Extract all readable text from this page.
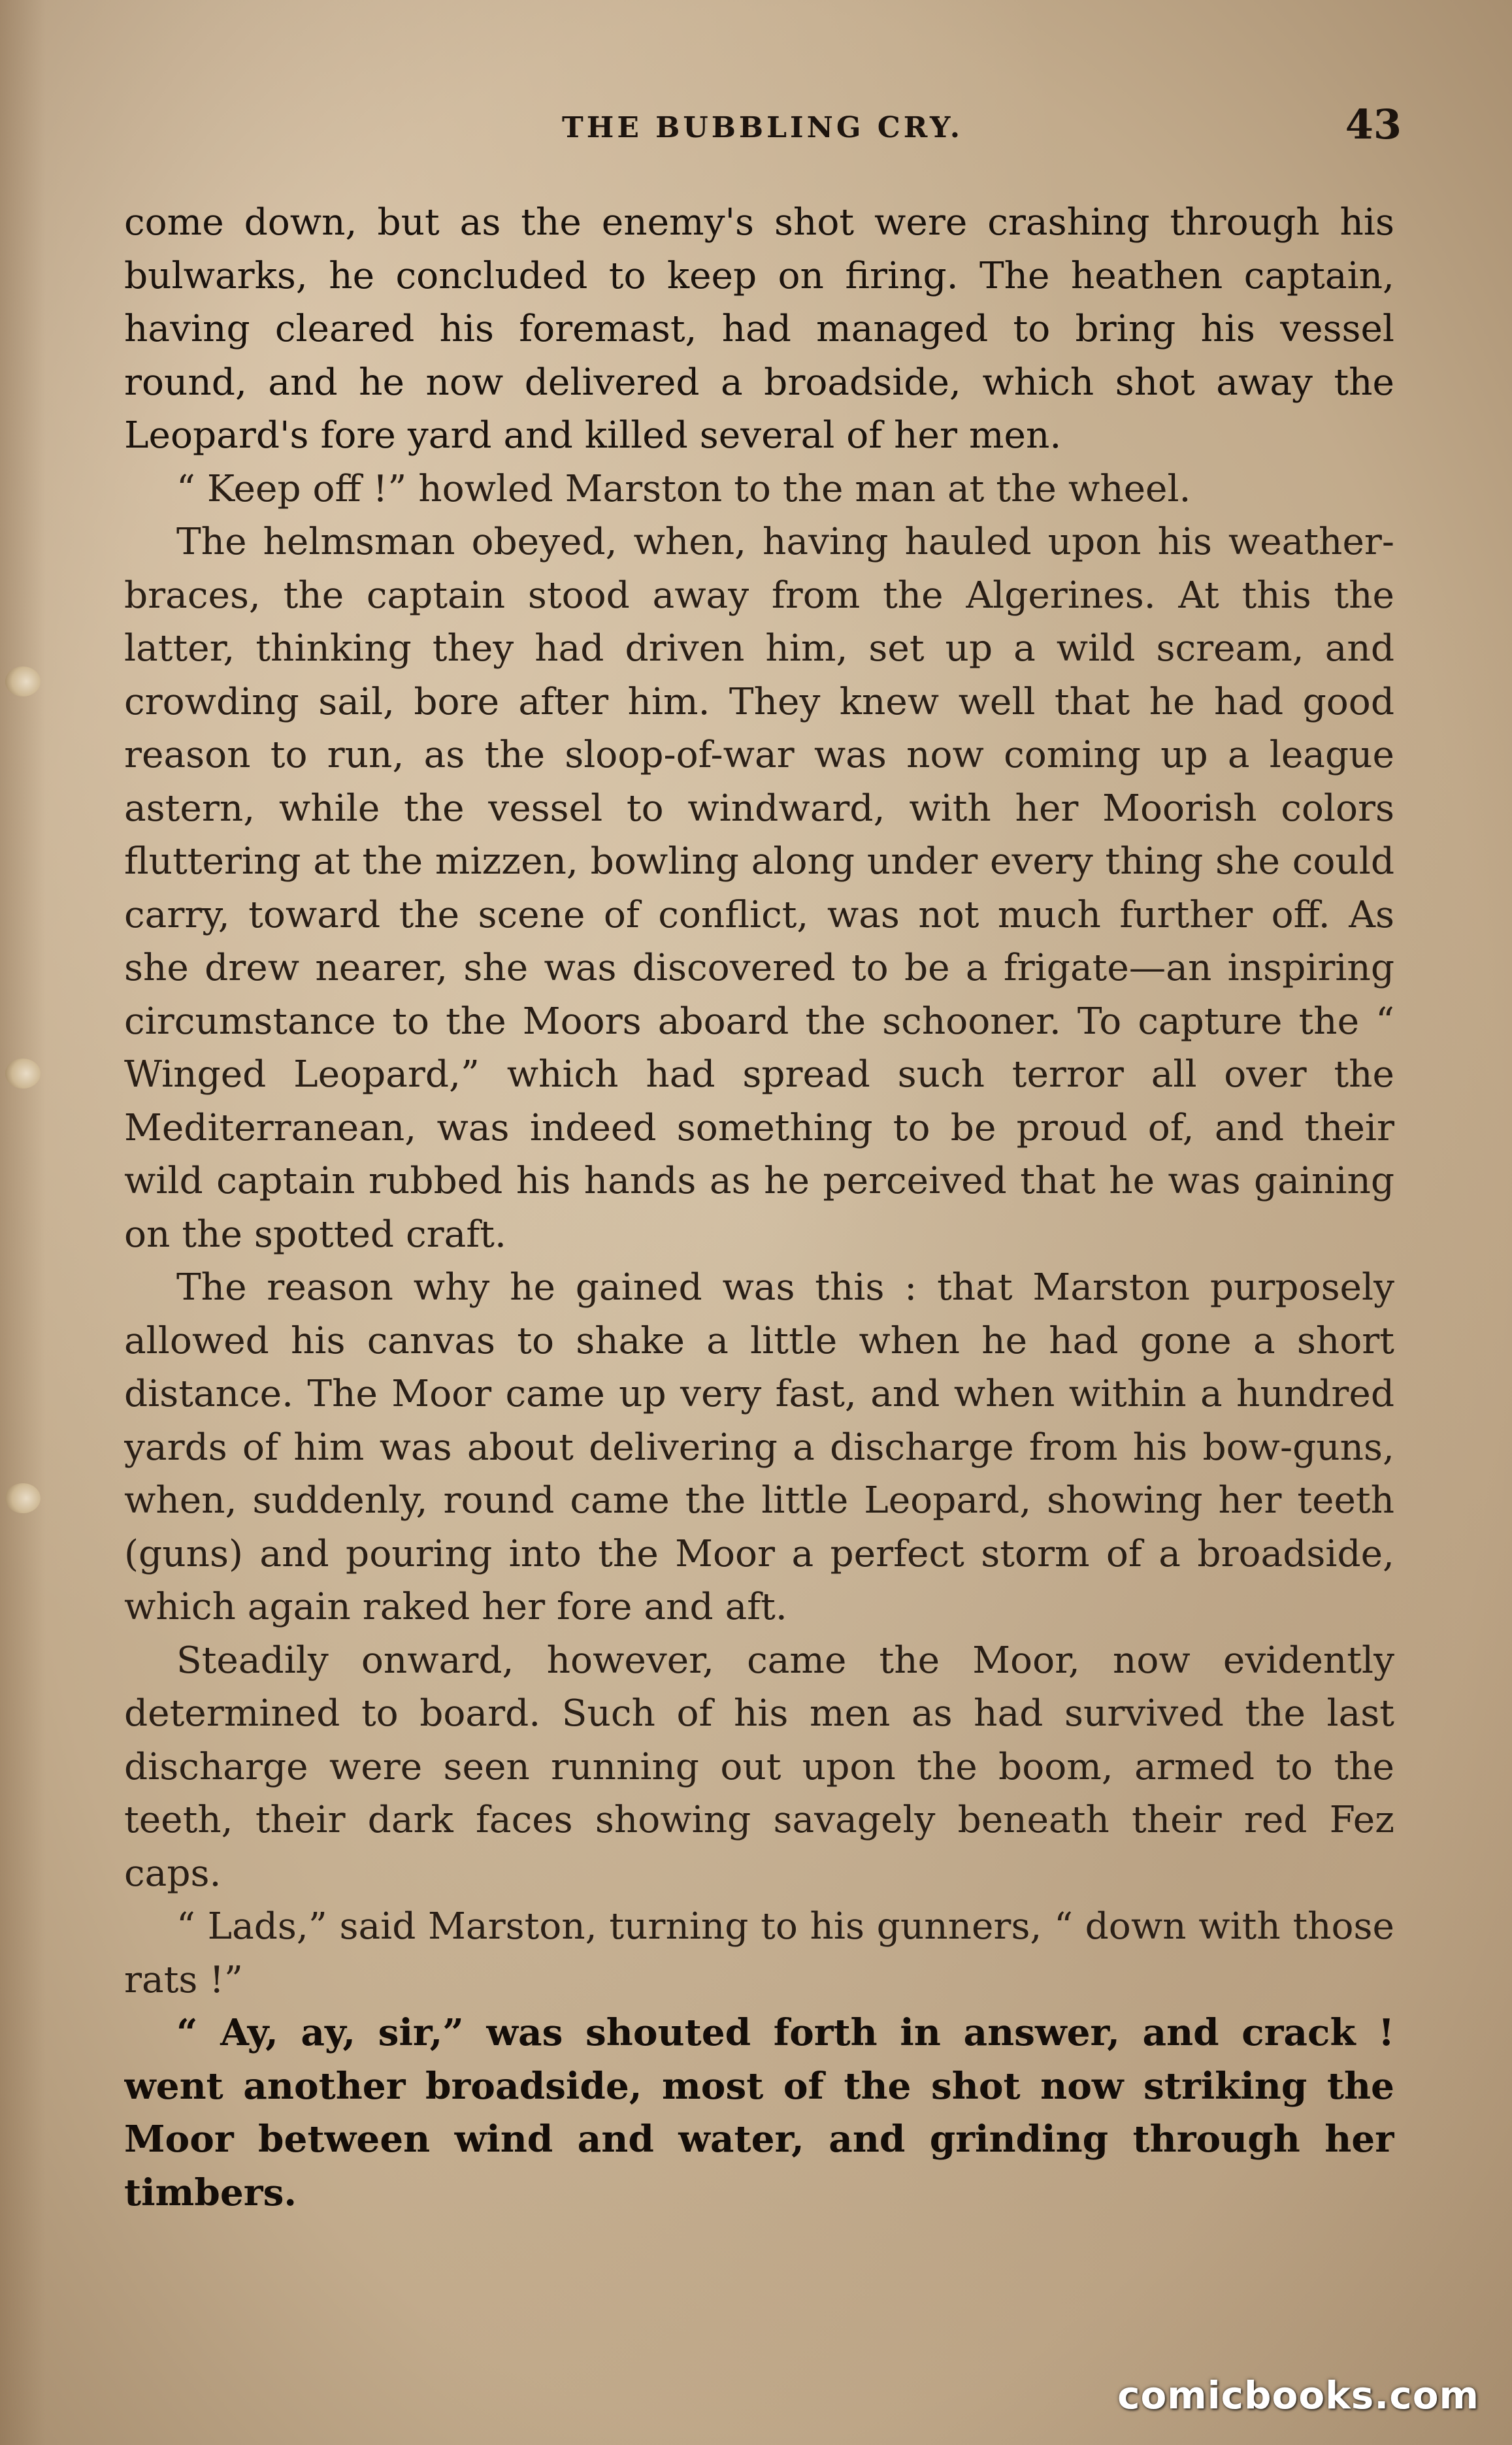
THE BUBBLING CRY.	43

come down, but as the enemy's shot were crashing through his bulwarks, he concluded to keep on firing. The heathen captain, having cleared his foremast, had managed to bring his vessel round, and he now delivered a broadside, which shot away the Leopard's fore yard and killed several of her men.

“ Keep off !” howled Marston to the man at the wheel.

The helmsman obeyed, when, having hauled upon his weather-braces, the captain stood away from the Algerines. At this the latter, thinking they had driven him, set up a wild scream, and crowding sail, bore after him. They knew well that he had good reason to run, as the sloop-of-war was now coming up a league astern, while the vessel to windward, with her Moorish colors fluttering at the mizzen, bowling along under every thing she could carry, toward the scene of conflict, was not much further off. As she drew nearer, she was discovered to be a frigate—an inspiring circumstance to the Moors aboard the schooner. To capture the “ Winged Leopard,” which had spread such terror all over the Mediterranean, was indeed something to be proud of, and their wild captain rubbed his hands as he perceived that he was gaining on the spotted craft.

The reason why he gained was this : that Marston purposely allowed his canvas to shake a little when he had gone a short distance. The Moor came up very fast, and when within a hundred yards of him was about delivering a discharge from his bow-guns, when, suddenly, round came the little Leopard, showing her teeth (guns) and pouring into the Moor a perfect storm of a broadside, which again raked her fore and aft.

Steadily onward, however, came the Moor, now evidently determined to board. Such of his men as had survived the last discharge were seen running out upon the boom, armed to the teeth, their dark faces showing savagely beneath their red Fez caps.

“ Lads,” said Marston, turning to his gunners, “ down with those rats !”

“ Ay, ay, sir,” was shouted forth in answer, and crack ! went another broadside, most of the shot now striking the Moor between wind and water, and grinding through her timbers.

comicbooks.com
